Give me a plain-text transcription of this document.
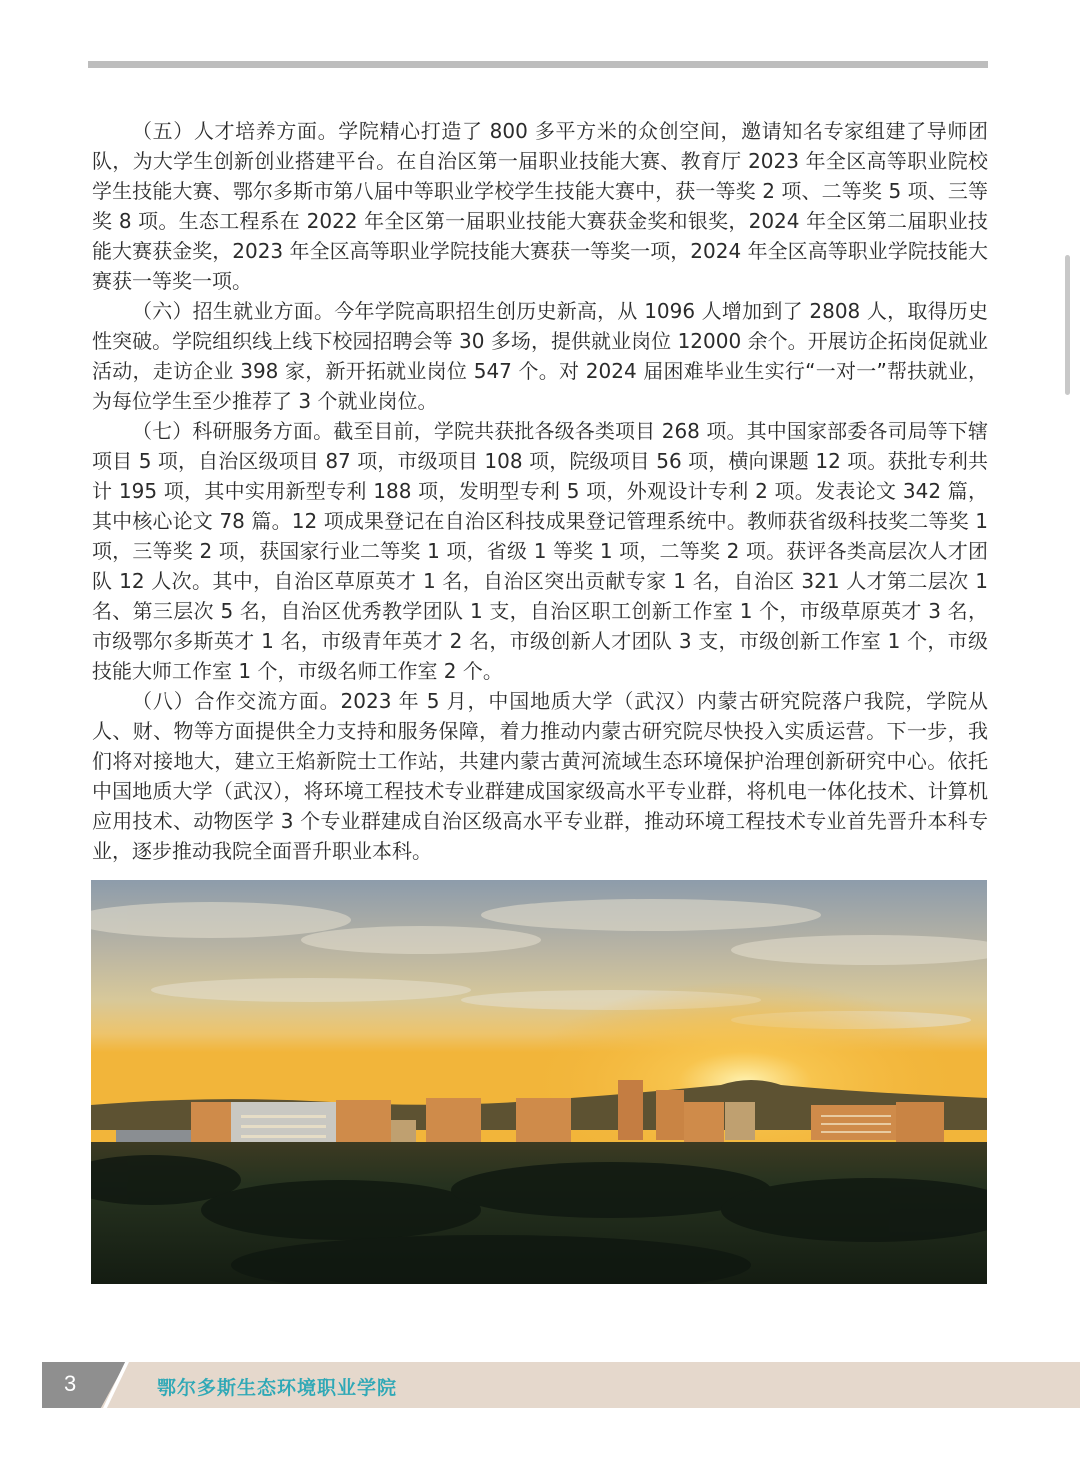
（五）人才培养方面。学院精心打造了 800 多平方米的众创空间，邀请知名专家组建了导师团队，为大学生创新创业搭建平台。在自治区第一届职业技能大赛、教育厅 2023 年全区高等职业院校学生技能大赛、鄂尔多斯市第八届中等职业学校学生技能大赛中，获一等奖 2 项、二等奖 5 项、三等奖 8 项。生态工程系在 2022 年全区第一届职业技能大赛获金奖和银奖，2024 年全区第二届职业技能大赛获金奖，2023 年全区高等职业学院技能大赛获一等奖一项，2024 年全区高等职业学院技能大赛获一等奖一项。

（六）招生就业方面。今年学院高职招生创历史新高，从 1096 人增加到了 2808 人，取得历史性突破。学院组织线上线下校园招聘会等 30 多场，提供就业岗位 12000 余个。开展访企拓岗促就业活动，走访企业 398 家，新开拓就业岗位 547 个。对 2024 届困难毕业生实行“一对一”帮扶就业，为每位学生至少推荐了 3 个就业岗位。

（七）科研服务方面。截至目前，学院共获批各级各类项目 268 项。其中国家部委各司局等下辖项目 5 项，自治区级项目 87 项，市级项目 108 项，院级项目 56 项，横向课题 12 项。获批专利共计 195 项，其中实用新型专利 188 项，发明型专利 5 项，外观设计专利 2 项。发表论文 342 篇，其中核心论文 78 篇。12 项成果登记在自治区科技成果登记管理系统中。教师获省级科技奖二等奖 1 项，三等奖 2 项，获国家行业二等奖 1 项，省级 1 等奖 1 项，二等奖 2 项。获评各类高层次人才团队 12 人次。其中，自治区草原英才 1 名，自治区突出贡献专家 1 名，自治区 321 人才第二层次 1 名、第三层次 5 名，自治区优秀教学团队 1 支，自治区职工创新工作室 1 个，市级草原英才 3 名，市级鄂尔多斯英才 1 名，市级青年英才 2 名，市级创新人才团队 3 支，市级创新工作室 1 个，市级技能大师工作室 1 个，市级名师工作室 2 个。

（八）合作交流方面。2023 年 5 月，中国地质大学（武汉）内蒙古研究院落户我院，学院从人、财、物等方面提供全力支持和服务保障，着力推动内蒙古研究院尽快投入实质运营。下一步，我们将对接地大，建立王焰新院士工作站，共建内蒙古黄河流域生态环境保护治理创新研究中心。依托中国地质大学（武汉），将环境工程技术专业群建成国家级高水平专业群，将机电一体化技术、计算机应用技术、动物医学 3 个专业群建成自治区级高水平专业群，推动环境工程技术专业首先晋升本科专业，逐步推动我院全面晋升职业本科。

3	鄂尔多斯生态环境职业学院
